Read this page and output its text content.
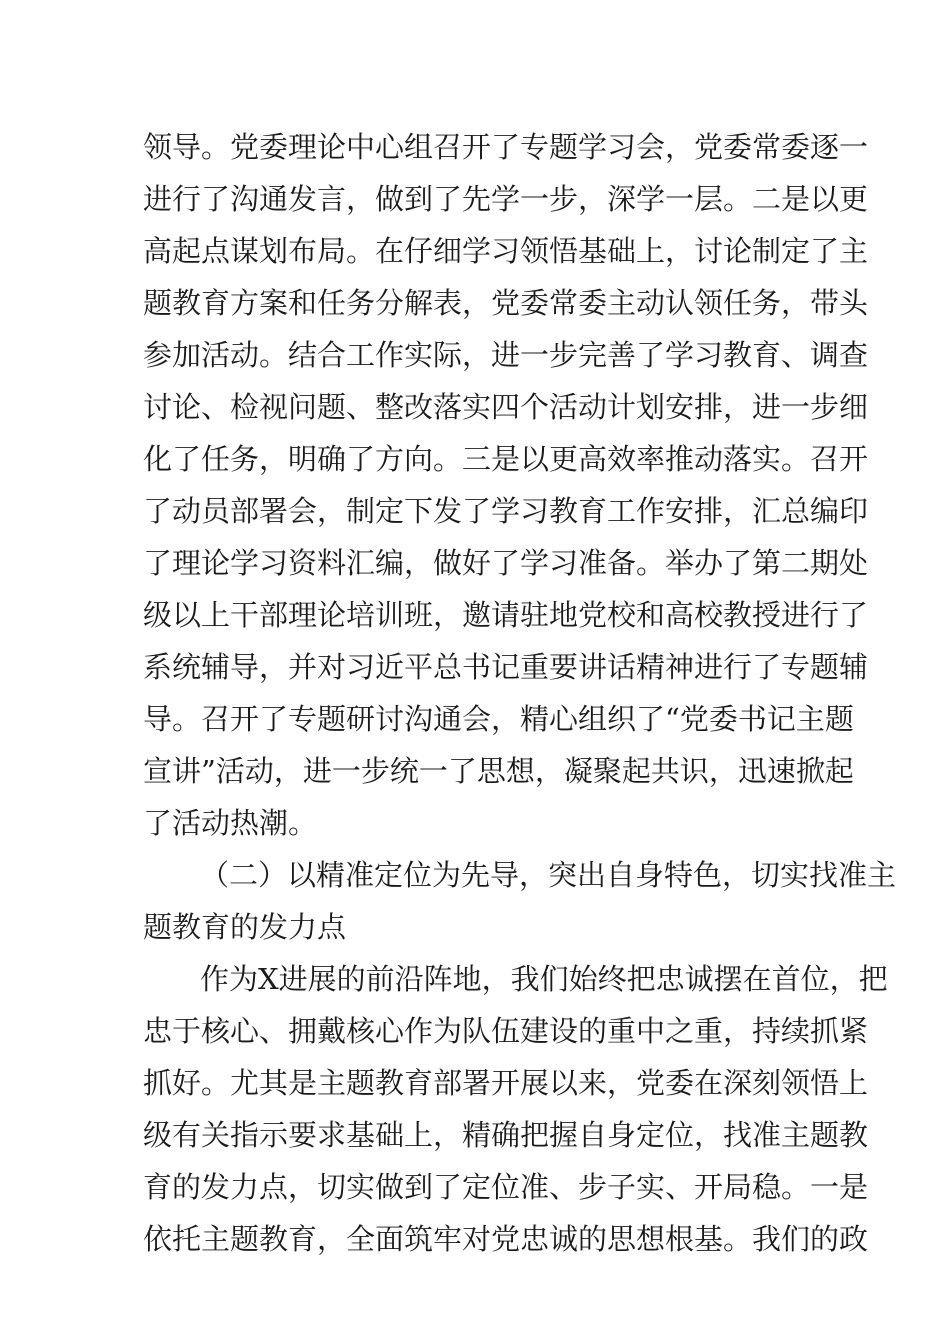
领导。党委理论中心组召开了专题学习会，党委常委逐一
进行了沟通发言，做到了先学一步，深学一层。二是以更
高起点谋划布局。在仔细学习领悟基础上，讨论制定了主
题教育方案和任务分解表，党委常委主动认领任务，带头
参加活动。结合工作实际，进一步完善了学习教育、调查
讨论、检视问题、整改落实四个活动计划安排，进一步细
化了任务，明确了方向。三是以更高效率推动落实。召开
了动员部署会，制定下发了学习教育工作安排，汇总编印
了理论学习资料汇编，做好了学习准备。举办了第二期处
级以上干部理论培训班，邀请驻地党校和高校教授进行了
系统辅导，并对习近平总书记重要讲话精神进行了专题辅
导。召开了专题研讨沟通会，精心组织了“党委书记主题
宣讲”活动，进一步统一了思想，凝聚起共识，迅速掀起
了活动热潮。
（二）以精准定位为先导，突出自身特色，切实找准主
题教育的发力点
作为X进展的前沿阵地，我们始终把忠诚摆在首位，把
忠于核心、拥戴核心作为队伍建设的重中之重，持续抓紧
抓好。尤其是主题教育部署开展以来，党委在深刻领悟上
级有关指示要求基础上，精确把握自身定位，找准主题教
育的发力点，切实做到了定位准、步子实、开局稳。一是
依托主题教育，全面筑牢对党忠诚的思想根基。我们的政
